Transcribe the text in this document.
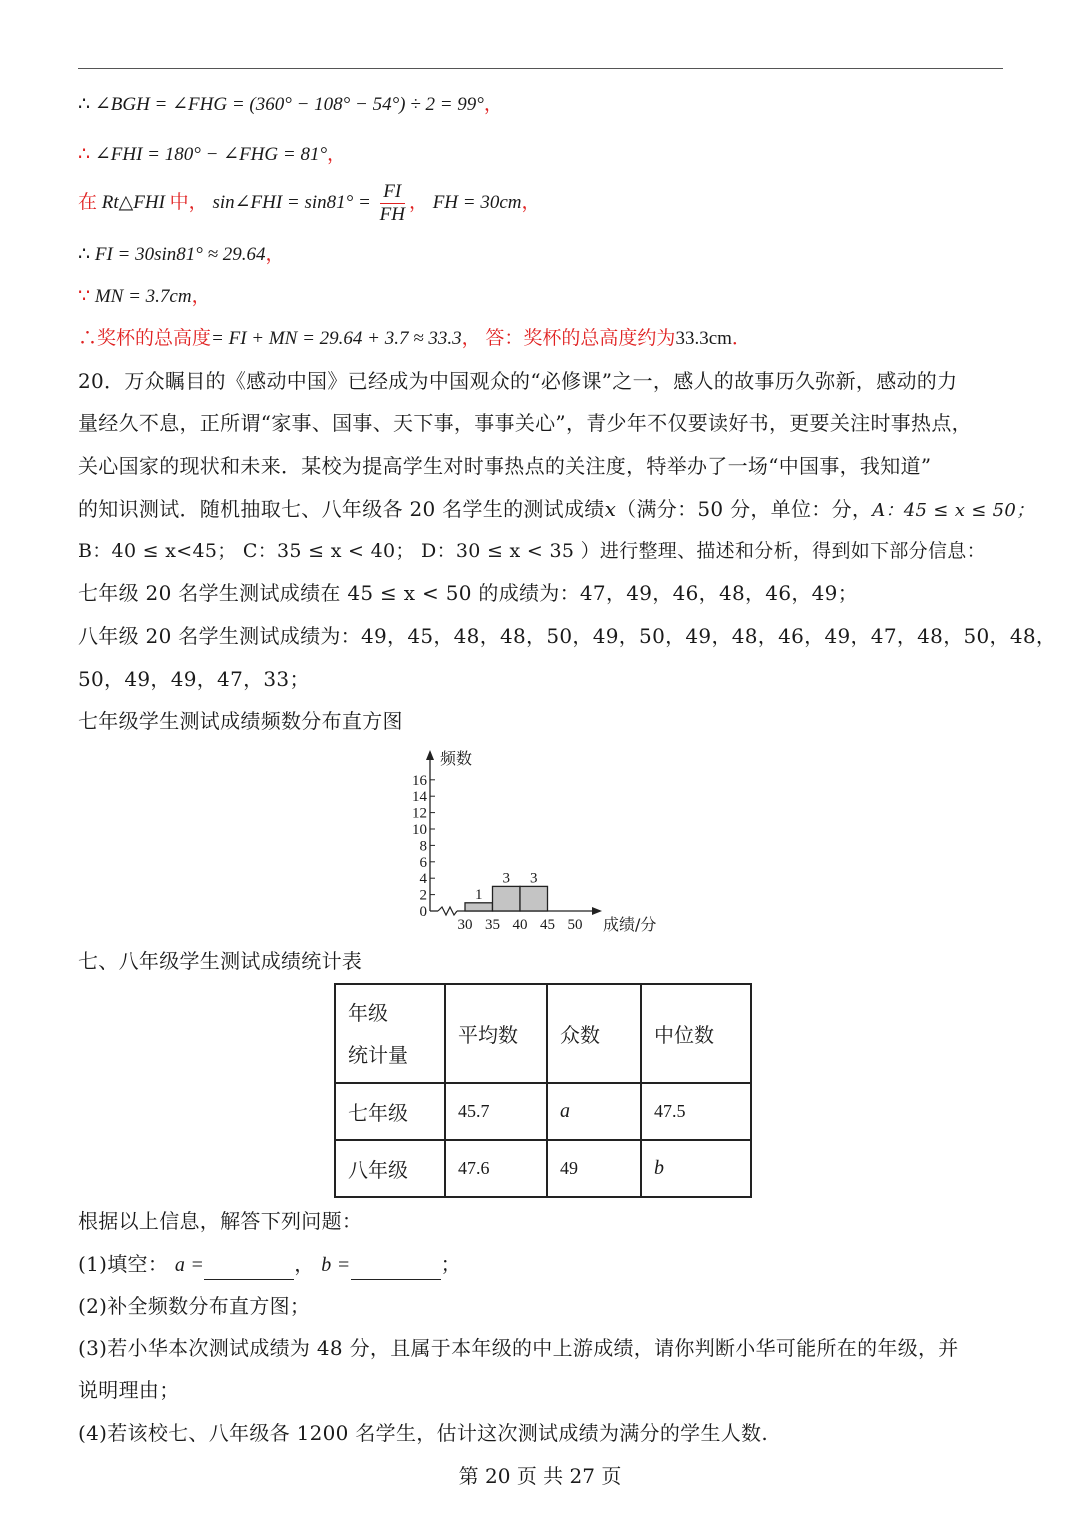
∴ ∠BGH = ∠FHG = (360° − 108° − 54°) ÷ 2 = 99°，
∴ ∠FHI = 180° − ∠FHG = 81°，
在 Rt△FHI 中， sin∠FHI = $\sin 81^\circ = \frac{FI}{FH}$ ， FH = 30cm，
∴ FI = 30sin81° ≈ 29.64，
∵ MN = 3.7cm，
∴奖杯的总高度= FI + MN = 29.64 + 3.7 ≈ 33.3， 答：奖杯的总高度约为33.3cm．
20．万众瞩目的《感动中国》已经成为中国观众的“必修课”之一，感人的故事历久弥新，感动的力
量经久不息，正所谓“家事、国事、天下事，事事关心”，青少年不仅要读好书，更要关注时事热点，
关心国家的现状和未来．某校为提高学生对时事热点的关注度，特举办了一场“中国事，我知道”
的知识测试．随机抽取七、八年级各 20 名学生的测试成绩x（满分：50 分，单位：分，A：45 ≤ x ≤ 50；
B：40 ≤ x<45； C：35 ≤ x < 40； D：30 ≤ x < 35 ）进行整理、描述和分析，得到如下部分信息：
七年级 20 名学生测试成绩在 45 ≤ x < 50 的成绩为：47，49，46，48，46，49；
八年级 20 名学生测试成绩为：49，45，48，48，50，49，50，49，48，46，49，47，48，50，48，
50，49，49，47，33；
七年级学生测试成绩频数分布直方图
0
2
4
6
8
10
12
14
16
30 35 40 45 50
1
3 3
频数
成绩/分
七、八年级学生测试成绩统计表
年级
统计量	平均数	众数	中位数
七年级	45.7	a	47.5
八年级	47.6	49	b
根据以上信息，解答下列问题：
(1)填空： a =	， b =	；
(2)补全频数分布直方图；
(3)若小华本次测试成绩为 48 分，且属于本年级的中上游成绩，请你判断小华可能所在的年级，并
说明理由；
(4)若该校七、八年级各 1200 名学生，估计这次测试成绩为满分的学生人数.
第 20 页 共 27 页
